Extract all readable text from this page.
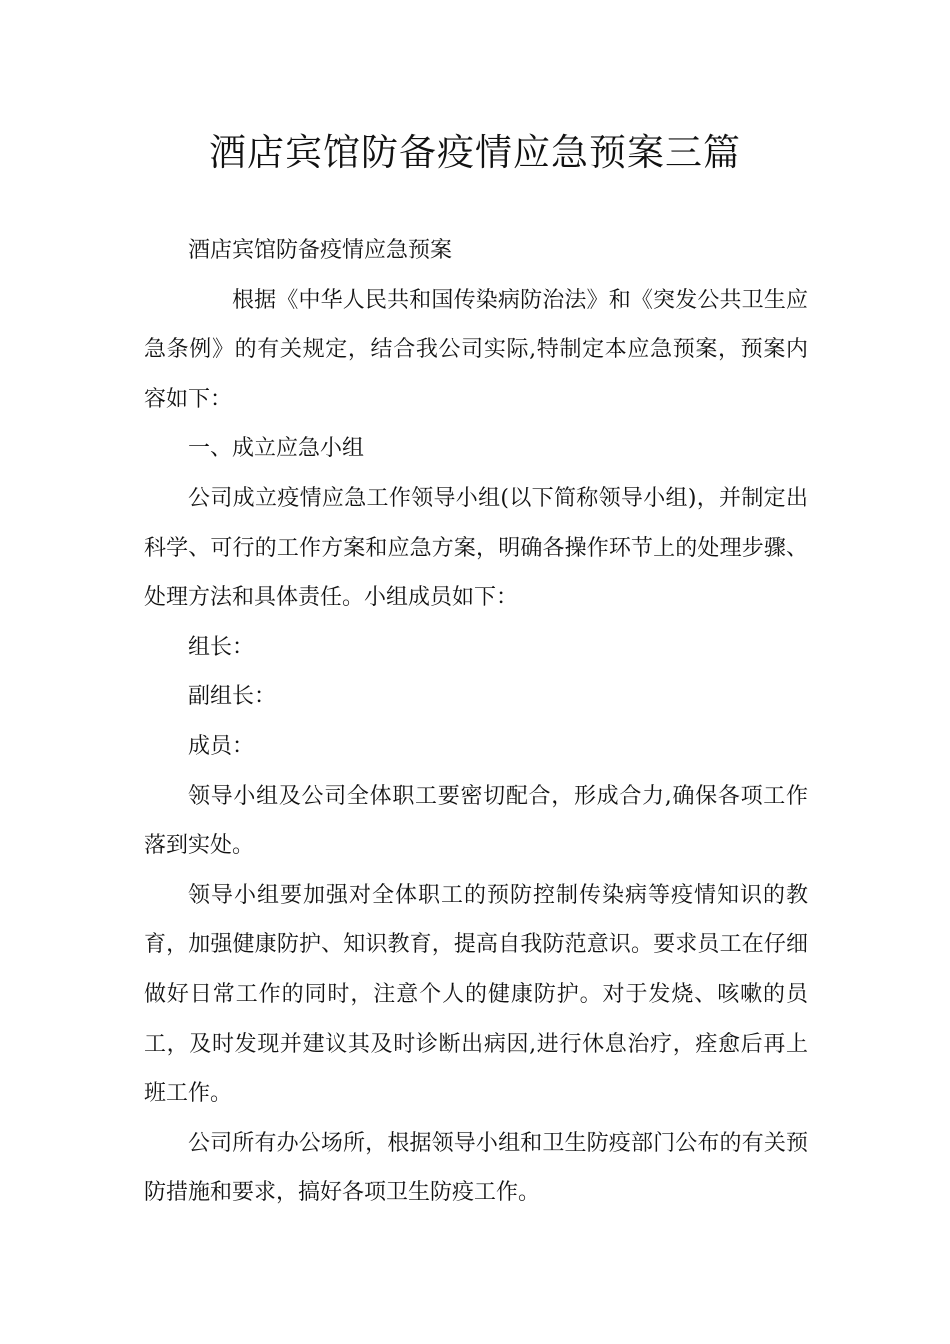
酒店宾馆防备疫情应急预案三篇

酒店宾馆防备疫情应急预案

根据《中华人民共和国传染病防治法》和《突发公共卫生应急条例》的有关规定，结合我公司实际,特制定本应急预案，预案内容如下：

一、成立应急小组

公司成立疫情应急工作领导小组(以下简称领导小组)，并制定出科学、可行的工作方案和应急方案，明确各操作环节上的处理步骤、处理方法和具体责任。小组成员如下：

组长：

副组长：

成员：

领导小组及公司全体职工要密切配合，形成合力,确保各项工作落到实处。

领导小组要加强对全体职工的预防控制传染病等疫情知识的教育，加强健康防护、知识教育，提高自我防范意识。要求员工在仔细做好日常工作的同时，注意个人的健康防护。对于发烧、咳嗽的员工，及时发现并建议其及时诊断出病因,进行休息治疗，痊愈后再上班工作。

公司所有办公场所，根据领导小组和卫生防疫部门公布的有关预防措施和要求，搞好各项卫生防疫工作。
